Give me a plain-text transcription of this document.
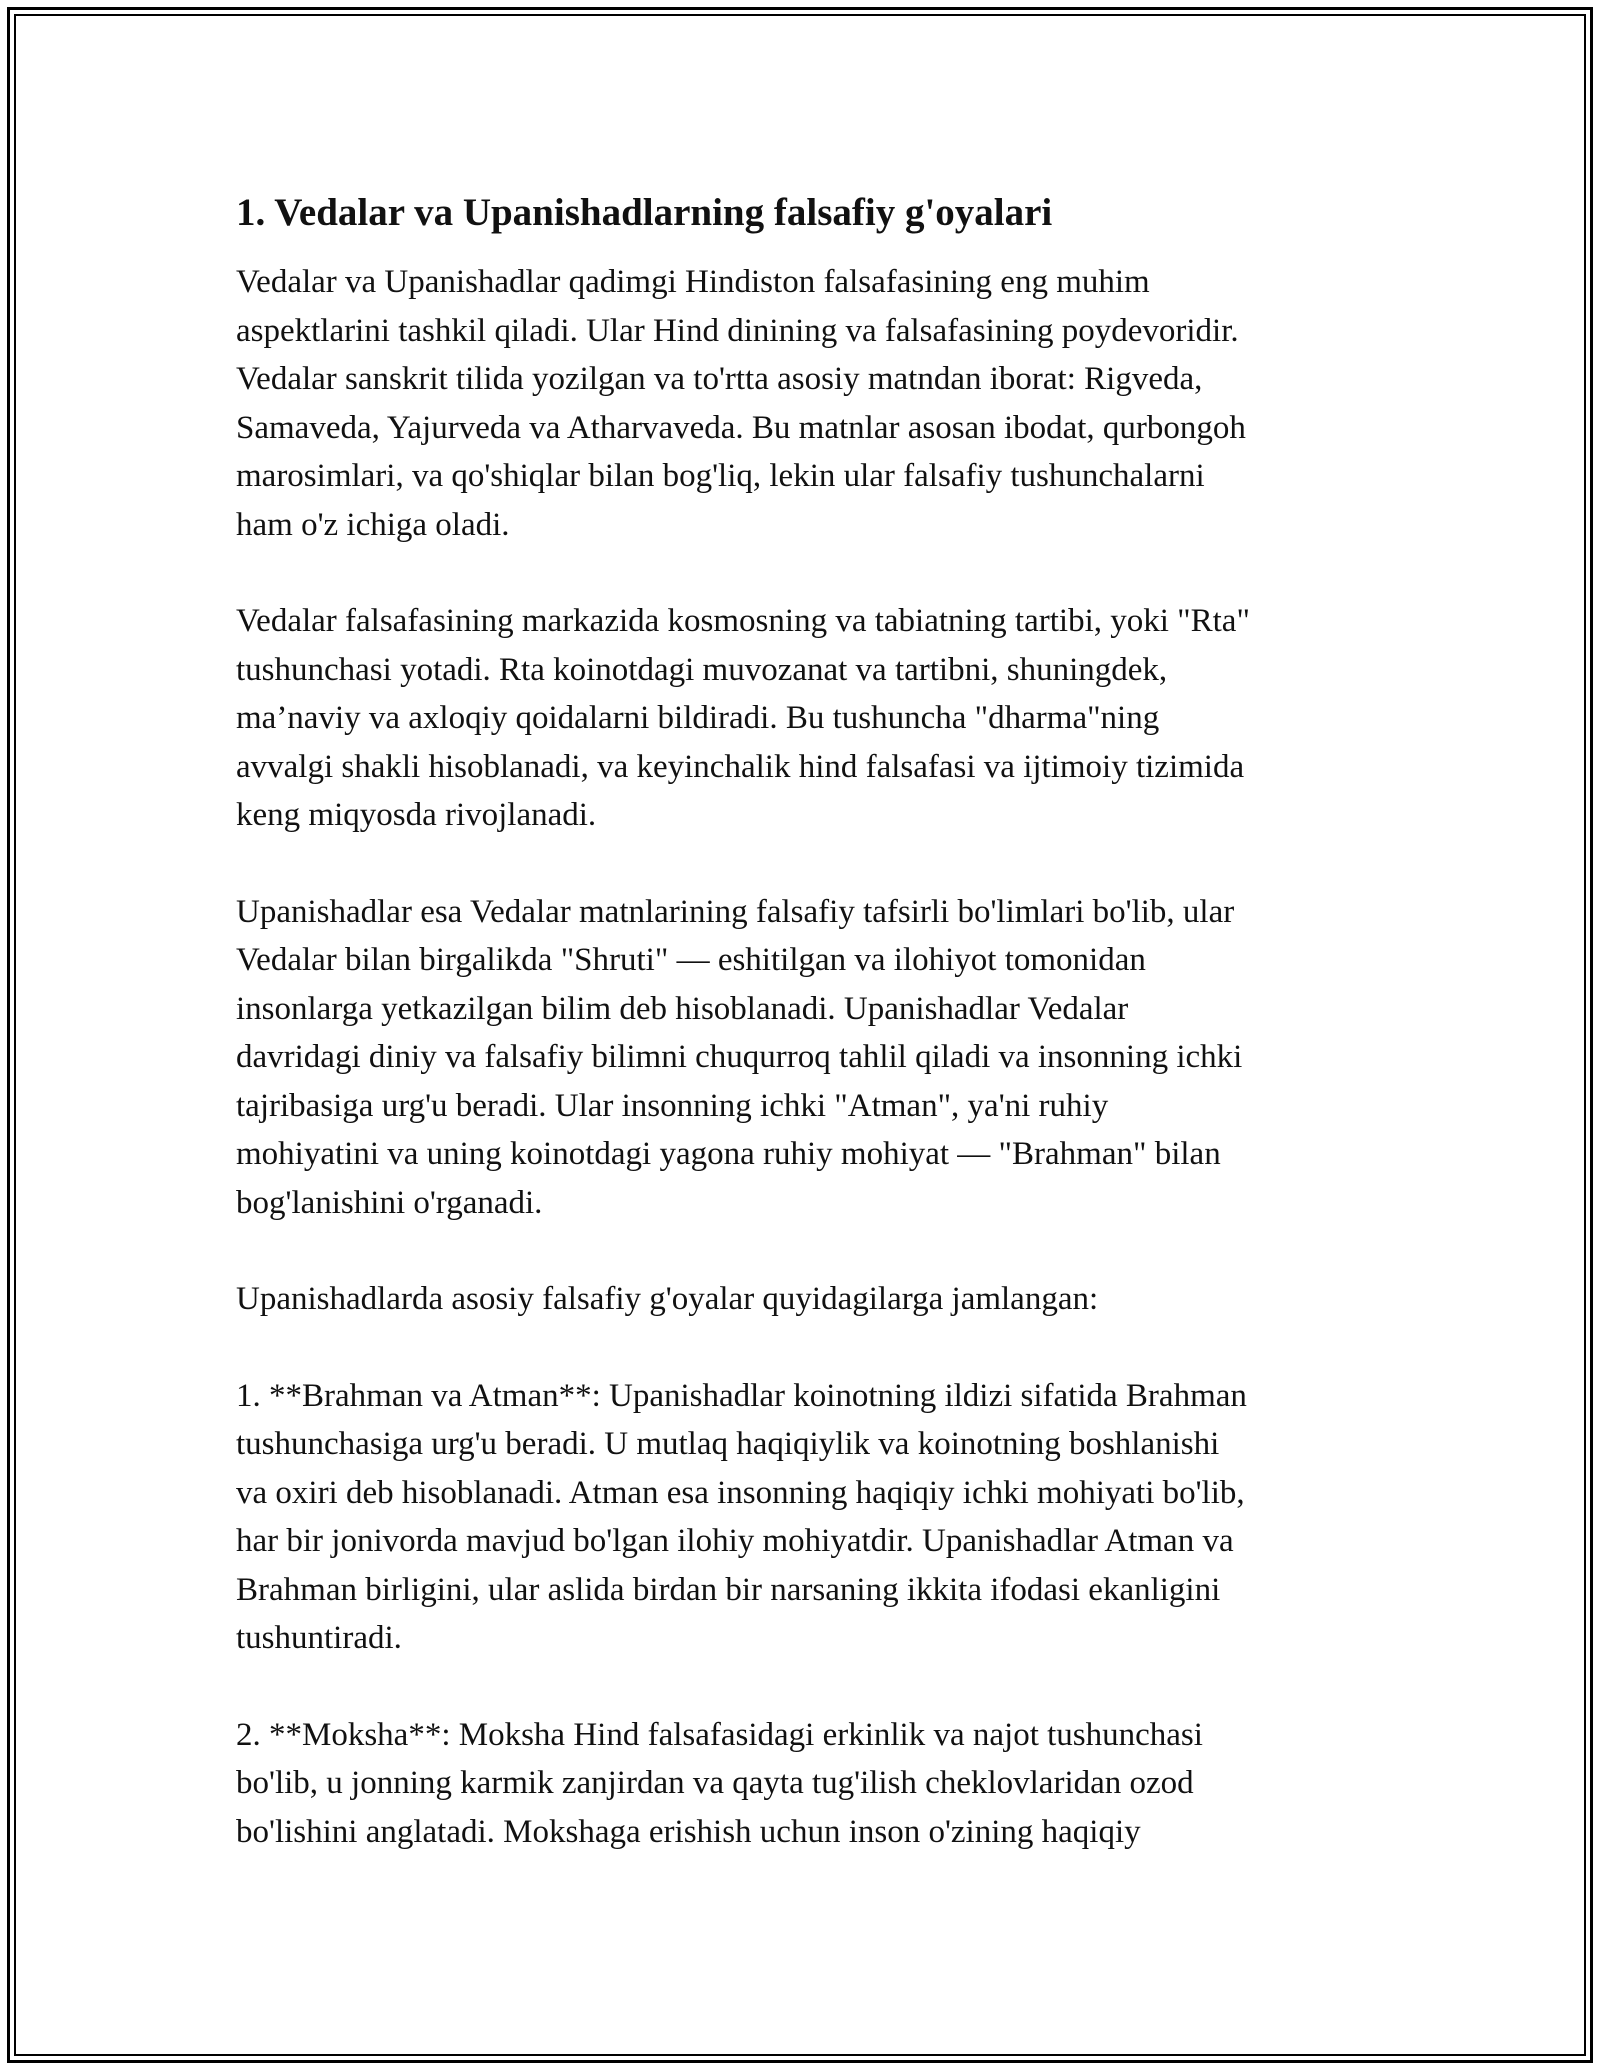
1. Vedalar va Upanishadlarning falsafiy g'oyalari

Vedalar va Upanishadlar qadimgi Hindiston falsafasining eng muhim
aspektlarini tashkil qiladi. Ular Hind dinining va falsafasining poydevoridir.
Vedalar sanskrit tilida yozilgan va to'rtta asosiy matndan iborat: Rigveda,
Samaveda, Yajurveda va Atharvaveda. Bu matnlar asosan ibodat, qurbongoh
marosimlari, va qo'shiqlar bilan bog'liq, lekin ular falsafiy tushunchalarni
ham o'z ichiga oladi.

Vedalar falsafasining markazida kosmosning va tabiatning tartibi, yoki "Rta"
tushunchasi yotadi. Rta koinotdagi muvozanat va tartibni, shuningdek,
ma’naviy va axloqiy qoidalarni bildiradi. Bu tushuncha "dharma"ning
avvalgi shakli hisoblanadi, va keyinchalik hind falsafasi va ijtimoiy tizimida
keng miqyosda rivojlanadi.

Upanishadlar esa Vedalar matnlarining falsafiy tafsirli bo'limlari bo'lib, ular
Vedalar bilan birgalikda "Shruti" — eshitilgan va ilohiyot tomonidan
insonlarga yetkazilgan bilim deb hisoblanadi. Upanishadlar Vedalar
davridagi diniy va falsafiy bilimni chuqurroq tahlil qiladi va insonning ichki
tajribasiga urg'u beradi. Ular insonning ichki "Atman", ya'ni ruhiy
mohiyatini va uning koinotdagi yagona ruhiy mohiyat — "Brahman" bilan
bog'lanishini o'rganadi.

Upanishadlarda asosiy falsafiy g'oyalar quyidagilarga jamlangan:

1. **Brahman va Atman**: Upanishadlar koinotning ildizi sifatida Brahman
tushunchasiga urg'u beradi. U mutlaq haqiqiylik va koinotning boshlanishi
va oxiri deb hisoblanadi. Atman esa insonning haqiqiy ichki mohiyati bo'lib,
har bir jonivorda mavjud bo'lgan ilohiy mohiyatdir. Upanishadlar Atman va
Brahman birligini, ular aslida birdan bir narsaning ikkita ifodasi ekanligini
tushuntiradi.

2. **Moksha**: Moksha Hind falsafasidagi erkinlik va najot tushunchasi
bo'lib, u jonning karmik zanjirdan va qayta tug'ilish cheklovlaridan ozod
bo'lishini anglatadi. Mokshaga erishish uchun inson o'zining haqiqiy
